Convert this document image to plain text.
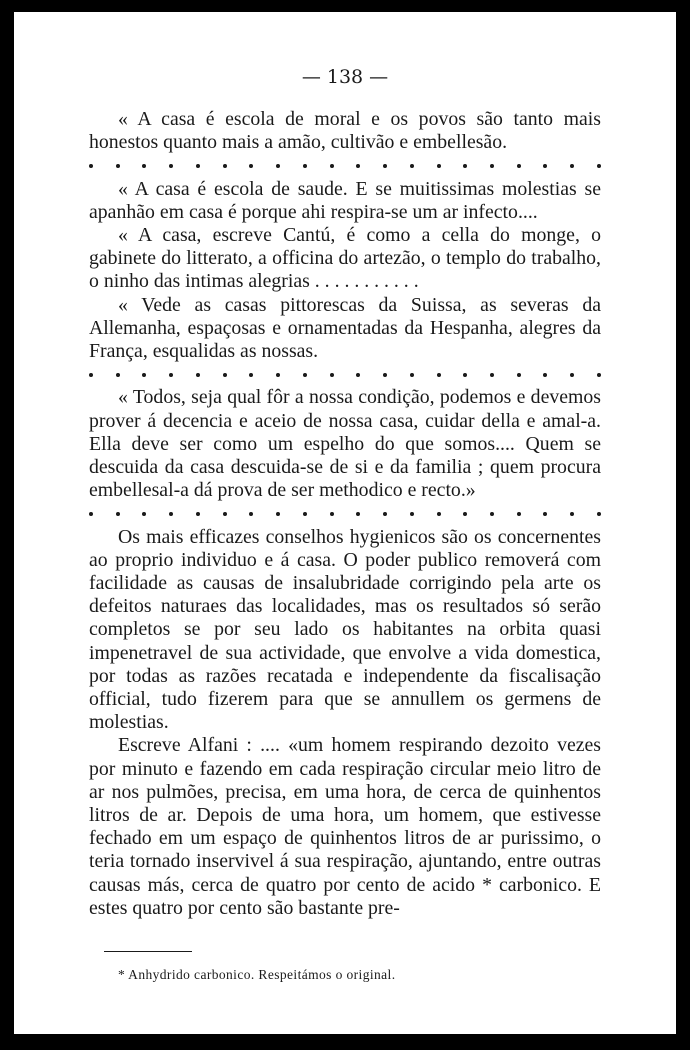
— 138 —

« A casa é escola de moral e os povos são tanto mais honestos quanto mais a amão, cultivão e embellesão.

« A casa é escola de saude. E se muitissimas molestias se apanhão em casa é porque ahi respira-se um ar infecto....

« A casa, escreve Cantú, é como a cella do monge, o gabinete do litterato, a officina do artezão, o templo do trabalho, o ninho das intimas alegrias . . . . . . . . . . .

« Vede as casas pittorescas da Suissa, as severas da Allemanha, espaçosas e ornamentadas da Hespanha, alegres da França, esqualidas as nossas.

« Todos, seja qual fôr a nossa condição, podemos e devemos prover á decencia e aceio de nossa casa, cuidar della e amal-a. Ella deve ser como um espelho do que somos.... Quem se descuida da casa descuida-se de si e da familia ; quem procura embellesal-a dá prova de ser methodico e recto.»

Os mais efficazes conselhos hygienicos são os concernentes ao proprio individuo e á casa. O poder publico removerá com facilidade as causas de insalubridade corrigindo pela arte os defeitos naturaes das localidades, mas os resultados só serão completos se por seu lado os habitantes na orbita quasi impenetravel de sua actividade, que envolve a vida domestica, por todas as razões recatada e independente da fiscalisação official, tudo fizerem para que se annullem os germens de molestias.

Escreve Alfani : .... «um homem respirando dezoito vezes por minuto e fazendo em cada respiração circular meio litro de ar nos pulmões, precisa, em uma hora, de cerca de quinhentos litros de ar. Depois de uma hora, um homem, que estivesse fechado em um espaço de quinhentos litros de ar purissimo, o teria tornado inservivel á sua respiração, ajuntando, entre outras causas más, cerca de quatro por cento de acido * carbonico. E estes quatro por cento são bastante pre-

* Anhydrido carbonico. Respeitámos o original.
